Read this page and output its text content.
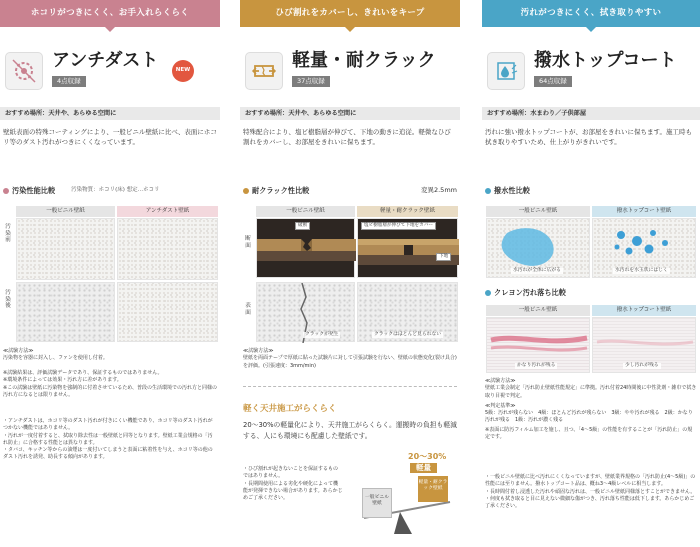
ホコリがつきにくく、お手入れらくらく
アンチダスト
4点収録
NEW
おすすめ場所：天井や、あらゆる空間に
壁紙表面の特殊コーティングにより、一般ビニル壁紙に比べ、表面にホコリ等のダスト汚れがつきにくくなっています。
汚染性能比較	汚染物質：ホコリ(床) 想定…ホコリ
一般ビニル壁紙	アンチダスト壁紙
汚染前
汚染後
≪試験方法≫
汚染物を容器に封入し、ファンを使用し付着。
※試験結果は、評価試験データであり、保証するものではありません。
※環境条件によっては効果・汚れ方に差があります。
※この試験は壁紙に汚染物を強制的に付着させているため、普段の生活環境での汚れ方と同様の汚れ方になるとは限りません。
・アンチダストは、ホコリ等のダスト汚れが付きにくい機能であり、ホコリ等のダスト汚れがつかない機能ではありません。
・汚れが一度付着すると、拭取り除去性は一般壁紙と同等となります。壁紙工業会規格の「汚れ防止」に合格する性能とは異なります。
・タバコ、キッチン等からの油煙は一度付いてしまうと表面に粘着性を与え、ホコリ等の他のダスト汚れを誘発、助長する傾向があります。
ひび割れをカバーし、きれいをキープ
軽量・耐クラック
37点収録
おすすめ場所：天井や、あらゆる空間に
特殊配合により、塩ビ樹脂層が伸びて、下地の動きに追従。軽微なひび割れをカバーし、お部屋をきれいに保ちます。
耐クラック性比較	変異2.5mm
一般ビニル壁紙	軽量・耐クラック壁紙
断面
表面
破断	塩ビ樹脂層が伸びて下地をカバー
下地
クラックが発生	クラックはほとんど見られない
≪試験方法≫
壁紙を両面テープで厚紙に貼った試験片に対して引張試験を行ない、壁紙の状態変化(裂け具合)を評価。(引張速度：3mm/min)
軽く天井施工がらくらく
20〜30%の軽量化により、天井施工がらくらく。運搬時の負担も軽減する、人にも環境にも配慮した壁紙です。
・ひび割れが起きないことを保証するものではありません。
・長期間使用による劣化や硬化によって機能が発揮できない場合があります。あらかじめご了承ください。
20〜30%
軽量
一般ビニル壁紙
軽量・耐クラック壁紙
汚れがつきにくく、拭き取りやすい
撥水トップコート
64点収録
おすすめ場所：水まわり／子供部屋
汚れに強い撥水トップコートが、お部屋をきれいに保ちます。施工時も拭き取りやすいため、仕上がりがきれいです。
撥水性比較
一般ビニル壁紙	撥水トップコート壁紙
水汚れが全体に広がる	水汚れを水玉状にはじく
クレヨン汚れ落ち比較
一般ビニル壁紙	撥水トップコート壁紙
かなり汚れが残る	少し汚れが残る
≪試験方法≫
壁紙工業会制定「汚れ防止壁紙性能規定」に準拠。汚れ付着24時間後に中性洗剤・雑巾で拭き取り目視で判定。
≪判定基準≫
5級：汚れが残らない　4級：ほとんど汚れが残らない　3級：やや汚れが残る　2級：かなり汚れが残る　1級：汚れが濃く残る
※表面に防汚フィルム加工を施し、且つ、「4〜5級」の性能を有することが「汚れ防止」の規定です。
・一般ビニル壁紙に比べ汚れにくくなっていますが、壁紙業界規格の「汚れ防止(4〜5級)」の性能には至りません。撥水トップコート品は、概ね3〜4級レベルに相当します。
・長時間付着し浸透した汚れや頑固な汚れは、一般ビニル壁紙同様落とすことができません。
・何度も拭き取ると目に見えない微細な傷がつき、汚れ落ち性能は低下します。あらかじめご了承ください。
